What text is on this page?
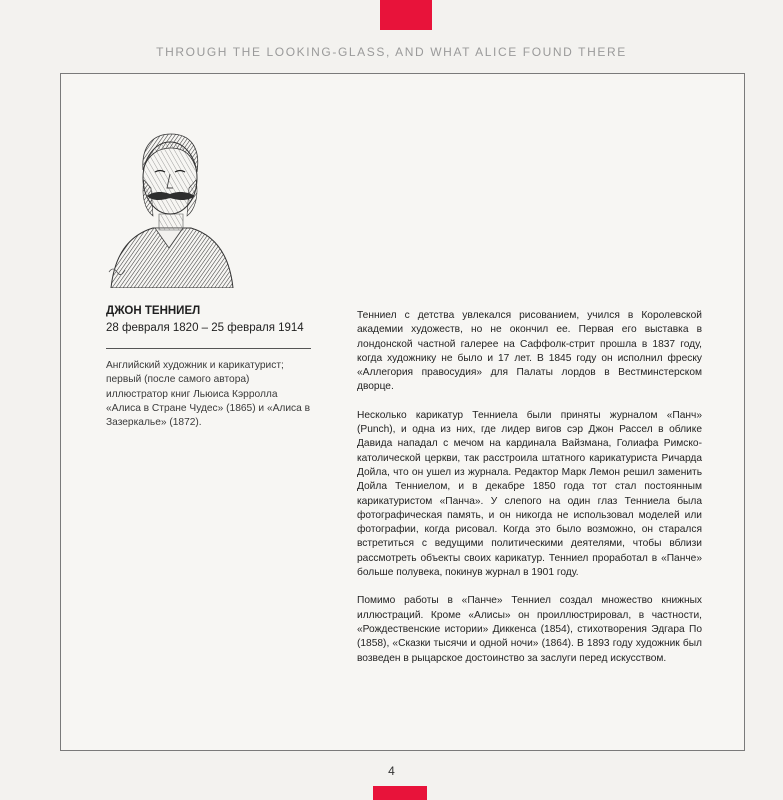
THROUGH THE LOOKING-GLASS, AND WHAT ALICE FOUND THERE

ДЖОН ТЕННИЕЛ

28 февраля 1820 – 25 февраля 1914

Английский художник и карикатурист; первый (после самого автора) иллюстратор книг Льюиса Кэрролла «Алиса в Стране Чудес» (1865) и «Алиса в Зазеркалье» (1872).

Тенниел с детства увлекался рисованием, учился в Королевской академии художеств, но не окончил ее. Первая его выставка в лондонской частной галерее на Саффолк-стрит прошла в 1837 году, когда художнику не было и 17 лет. В 1845 году он исполнил фреску «Аллегория правосудия» для Палаты лордов в Вестминстерском дворце.

Несколько карикатур Тенниела были приняты журналом «Панч» (Punch), и одна из них, где лидер вигов сэр Джон Рассел в облике Давида нападал с мечом на кардинала Вайзмана, Голиафа Римско-католической церкви, так расстроила штатного карикатуриста Ричарда Дойла, что он ушел из журнала. Редактор Марк Лемон решил заменить Дойла Тенниелом, и в декабре 1850 года тот стал постоянным карикатуристом «Панча». У слепого на один глаз Тенниела была фотографическая память, и он никогда не использовал моделей или фотографии, когда рисовал. Когда это было возможно, он старался встретиться с ведущими политическими деятелями, чтобы вблизи рассмотреть объекты своих карикатур. Тенниел проработал в «Панче» больше полувека, покинув журнал в 1901 году.

Помимо работы в «Панче» Тенниел создал множество книжных иллюстраций. Кроме «Алисы» он проиллюстрировал, в частности, «Рождественские истории» Диккенса (1854), стихотворения Эдгара По (1858), «Сказки тысячи и одной ночи» (1864). В 1893 году художник был возведен в рыцарское достоинство за заслуги перед искусством.

4
